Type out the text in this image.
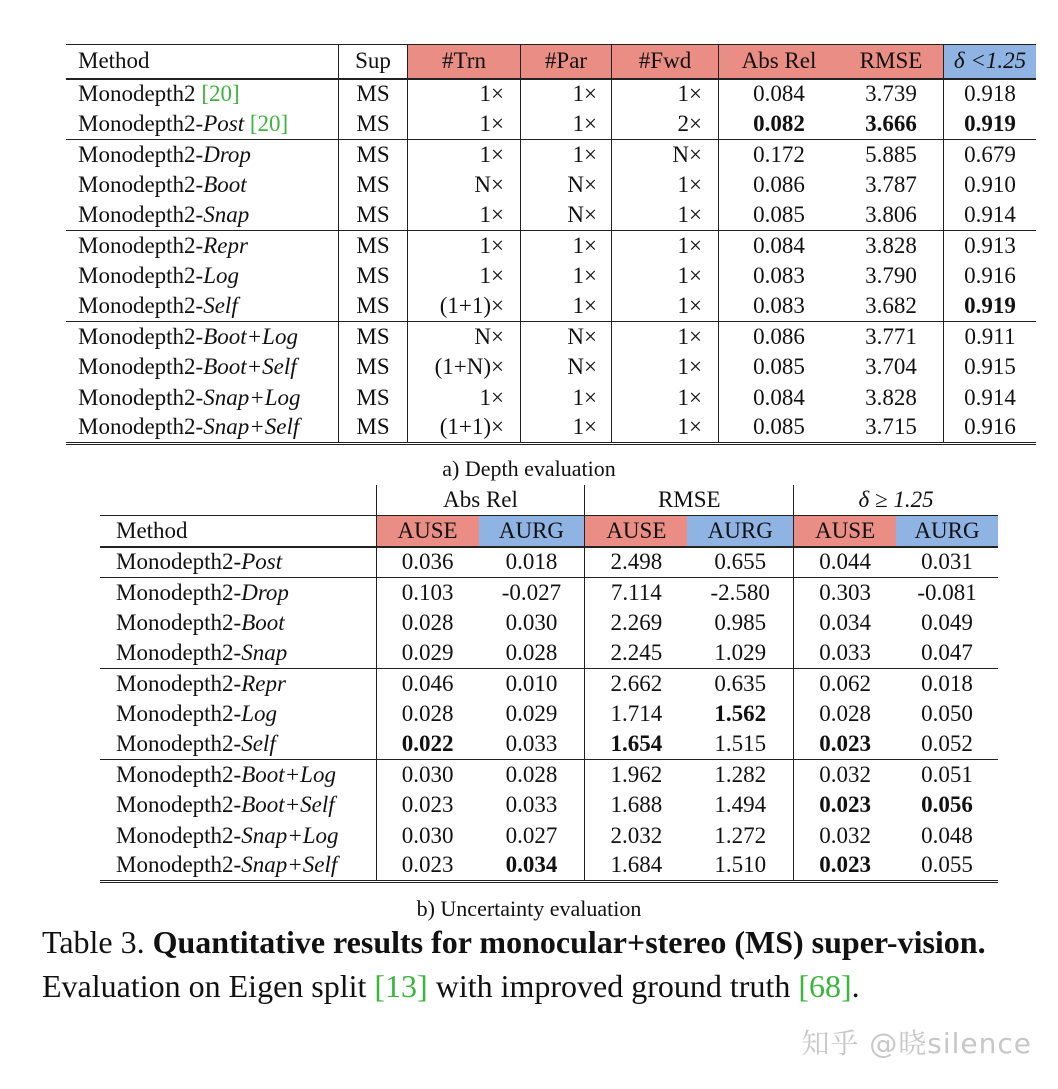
Method	Sup	#Trn	#Par	#Fwd	Abs Rel	RMSE	δ <1.25
Monodepth2 [20]	MS	1×	1×	1×	0.084	3.739	0.918
Monodepth2-Post [20]	MS	1×	1×	2×	0.082	3.666	0.919
Monodepth2-Drop	MS	1×	1×	N×	0.172	5.885	0.679
Monodepth2-Boot	MS	N×	N×	1×	0.086	3.787	0.910
Monodepth2-Snap	MS	1×	N×	1×	0.085	3.806	0.914
Monodepth2-Repr	MS	1×	1×	1×	0.084	3.828	0.913
Monodepth2-Log	MS	1×	1×	1×	0.083	3.790	0.916
Monodepth2-Self	MS	(1+1)×	1×	1×	0.083	3.682	0.919
Monodepth2-Boot+Log	MS	N×	N×	1×	0.086	3.771	0.911
Monodepth2-Boot+Self	MS	(1+N)×	N×	1×	0.085	3.704	0.915
Monodepth2-Snap+Log	MS	1×	1×	1×	0.084	3.828	0.914
Monodepth2-Snap+Self	MS	(1+1)×	1×	1×	0.085	3.715	0.916
a) Depth evaluation
	Abs Rel		RMSE		δ ≥ 1.25	
Method	AUSE	AURG	AUSE	AURG	AUSE	AURG
Monodepth2-Post	0.036	0.018	2.498	0.655	0.044	0.031
Monodepth2-Drop	0.103	-0.027	7.114	-2.580	0.303	-0.081
Monodepth2-Boot	0.028	0.030	2.269	0.985	0.034	0.049
Monodepth2-Snap	0.029	0.028	2.245	1.029	0.033	0.047
Monodepth2-Repr	0.046	0.010	2.662	0.635	0.062	0.018
Monodepth2-Log	0.028	0.029	1.714	1.562	0.028	0.050
Monodepth2-Self	0.022	0.033	1.654	1.515	0.023	0.052
Monodepth2-Boot+Log	0.030	0.028	1.962	1.282	0.032	0.051
Monodepth2-Boot+Self	0.023	0.033	1.688	1.494	0.023	0.056
Monodepth2-Snap+Log	0.030	0.027	2.032	1.272	0.032	0.048
Monodepth2-Snap+Self	0.023	0.034	1.684	1.510	0.023	0.055
b) Uncertainty evaluation
Table 3. Quantitative results for monocular+stereo (MS) super-vision. Evaluation on Eigen split [13] with improved ground truth [68].
知乎 @晓silence
